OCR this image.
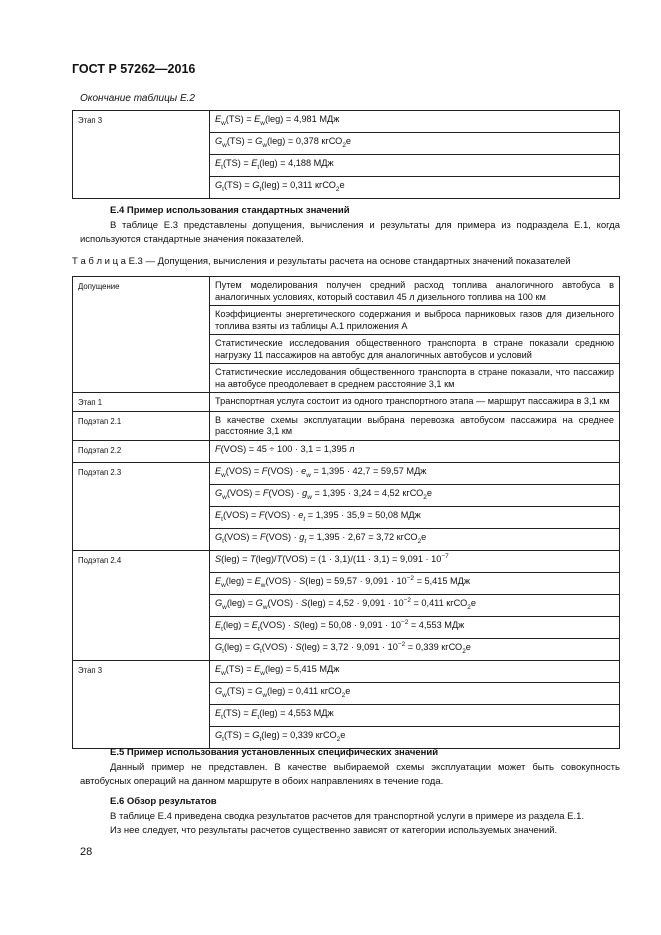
ГОСТ Р 57262—2016
Окончание таблицы Е.2
Этап 3	$E_w(TS) = E_w(leg) = 4,981$ МДж
$G_w(TS) = G_w(leg) = 0,378$ кгСО$_2$е
$E_t(TS) = E_t(leg) = 4,188$ МДж
$G_t(TS) = G_t(leg) = 0,311$ кгСО$_2$е
Е.4 Пример использования стандартных значений

В таблице Е.3 представлены допущения, вычисления и результаты для примера из подраздела Е.1, когда используются стандартные значения показателей.

Т а б л и ц а Е.3 — Допущения, вычисления и результаты расчета на основе стандартных значений показателей
Допущение	Путем моделирования получен средний расход топлива аналогичного автобуса в аналогичных условиях, который составил 45 л дизельного топлива на 100 км
	Коэффициенты энергетического содержания и выброса парниковых газов для дизельного топлива взяты из таблицы А.1 приложения А
	Статистические исследования общественного транспорта в стране показали среднюю нагрузку 11 пассажиров на автобус для аналогичных автобусов и условий
	Статистические исследования общественного транспорта в стране показали, что пассажир на автобусе преодолевает в среднем расстояние 3,1 км
Этап 1	Транспортная услуга состоит из одного транспортного этапа — маршрут пассажира в 3,1 км
Подэтап 2.1	В качестве схемы эксплуатации выбрана перевозка автобусом пассажира на среднее расстояние 3,1 км
Подэтап 2.2	F(VOS) = 45 ÷ 100 · 3,1 = 1,395 л
Подэтап 2.3	$E_w(VOS) = F(VOS) \cdot e_w = 1,395 \cdot 42,7 = 59,57$ МДж
	$G_w(VOS) = F(VOS) \cdot g_w = 1,395 \cdot 3,24 = 4,52$ кгСО$_2$е
	$E_t(VOS) = F(VOS) \cdot e_t = 1,395 \cdot 35,9 = 50,08$ МДж
	$G_t(VOS) = F(VOS) \cdot g_t = 1,395 \cdot 2,67 = 3,72$ кгСО$_2$е
Подэтап 2.4	$S(leg) = T(leg)/T(VOS) = (1 \cdot 3,1)/(11 \cdot 3,1) = 9,091 \cdot 10^{-7}$
	$E_w(leg) = E_w(VOS) \cdot S(leg) = 59,57 \cdot 9,091 \cdot 10^{-2} = 5,415$ МДж
	$G_w(leg) = G_w(VOS) \cdot S(leg) = 4,52 \cdot 9,091 \cdot 10^{-2} = 0,411$ кгСО$_2$е
	$E_t(leg) = E_t(VOS) \cdot S(leg) = 50,08 \cdot 9,091 \cdot 10^{-2} = 4,553$ МДж
	$G_t(leg) = G_t(VOS) \cdot S(leg) = 3,72 \cdot 9,091 \cdot 10^{-2} = 0,339$ кгСО$_2$е
Этап 3	$E_w(TS) = E_w(leg) = 5,415$ МДж
	$G_w(TS) = G_w(leg) = 0,411$ кгСО$_2$е
	$E_t(TS) = E_t(leg) = 4,553$ МДж
	$G_t(TS) = G_t(leg) = 0,339$ кгСО$_2$е
Е.5 Пример использования установленных специфических значений

Данный пример не представлен. В качестве выбираемой схемы эксплуатации может быть совокупность автобусных операций на данном маршруте в обоих направлениях в течение года.

Е.6 Обзор результатов

В таблице Е.4 приведена сводка результатов расчетов для транспортной услуги в примере из раздела Е.1.

Из нее следует, что результаты расчетов существенно зависят от категории используемых значений.

28
